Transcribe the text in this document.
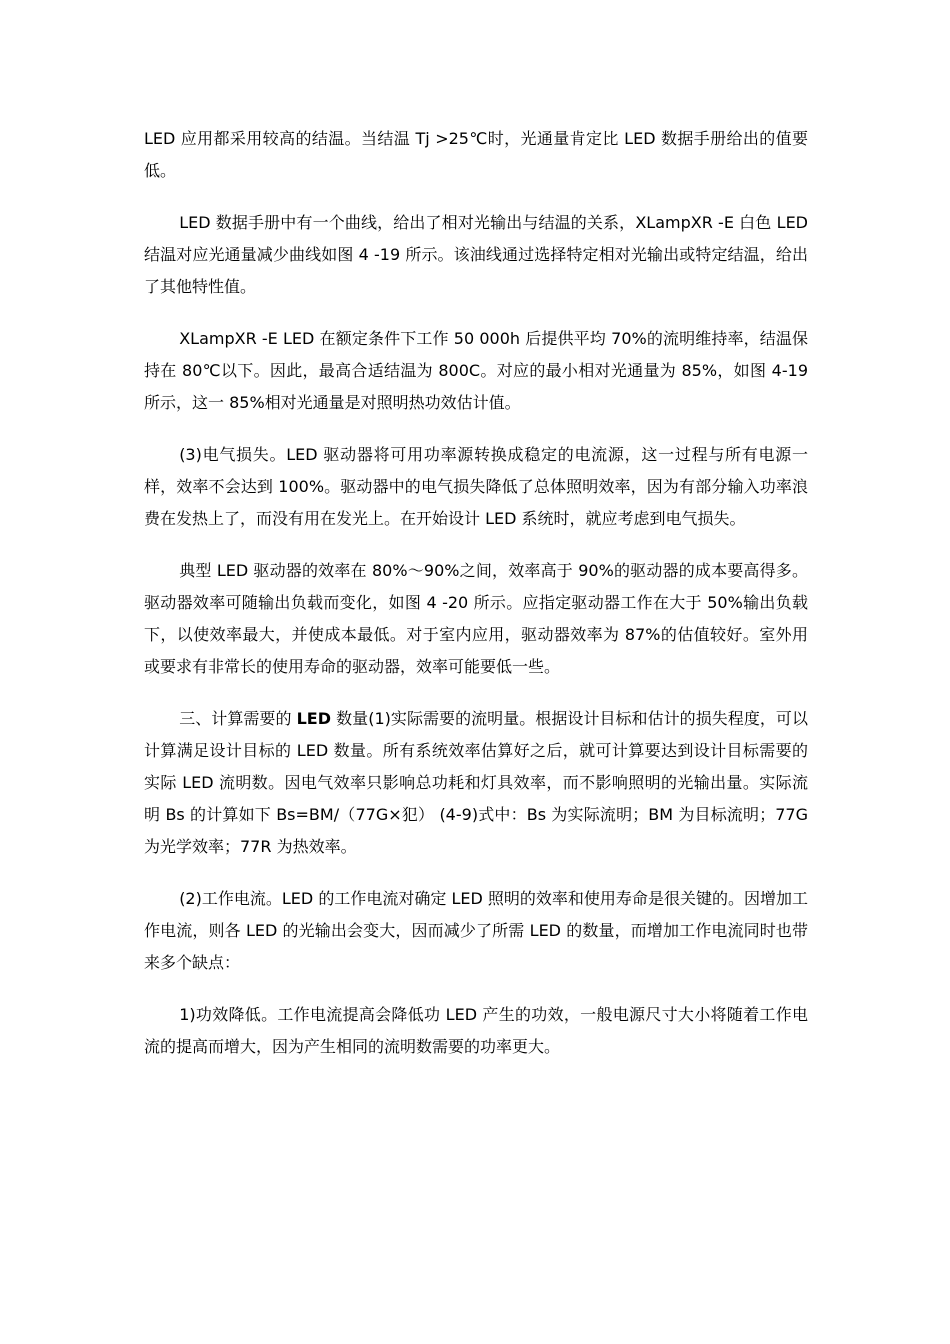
LED 应用都采用较高的结温。当结温 Tj >25℃时，光通量肯定比 LED 数据手册给出的值要低。

LED 数据手册中有一个曲线，给出了相对光输出与结温的关系，XLampXR -E 白色 LED 结温对应光通量减少曲线如图 4 -19 所示。该油线通过选择特定相对光输出或特定结温，给出了其他特性值。

XLampXR -E LED 在额定条件下工作 50 000h 后提供平均 70%的流明维持率，结温保持在 80℃以下。因此，最高合适结温为 800C。对应的最小相对光通量为 85%，如图 4-19 所示，这一 85%相对光通量是对照明热功效估计值。

(3)电气损失。LED 驱动器将可用功率源转换成稳定的电流源，这一过程与所有电源一样，效率不会达到 100%。驱动器中的电气损失降低了总体照明效率，因为有部分输入功率浪费在发热上了，而没有用在发光上。在开始设计 LED 系统时，就应考虑到电气损失。

典型 LED 驱动器的效率在 80%～90%之间，效率高于 90%的驱动器的成本要高得多。驱动器效率可随输出负载而变化，如图 4 -20 所示。应指定驱动器工作在大于 50%输出负载下，以使效率最大，并使成本最低。对于室内应用，驱动器效率为 87%的估值较好。室外用或要求有非常长的使用寿命的驱动器，效率可能要低一些。

三、计算需要的 LED 数量(1)实际需要的流明量。根据设计目标和估计的损失程度，可以计算满足设计目标的 LED 数量。所有系统效率估算好之后，就可计算要达到设计目标需要的实际 LED 流明数。因电气效率只影响总功耗和灯具效率，而不影响照明的光输出量。实际流明 Bs 的计算如下 Bs=BM/（77G×犯） (4-9)式中：Bs 为实际流明；BM 为目标流明；77G 为光学效率；77R 为热效率。

(2)工作电流。LED 的工作电流对确定 LED 照明的效率和使用寿命是很关键的。因增加工作电流，则各 LED 的光输出会变大，因而减少了所需 LED 的数量，而增加工作电流同时也带来多个缺点：

1)功效降低。工作电流提高会降低功 LED 产生的功效，一般电源尺寸大小将随着工作电流的提高而增大，因为产生相同的流明数需要的功率更大。
